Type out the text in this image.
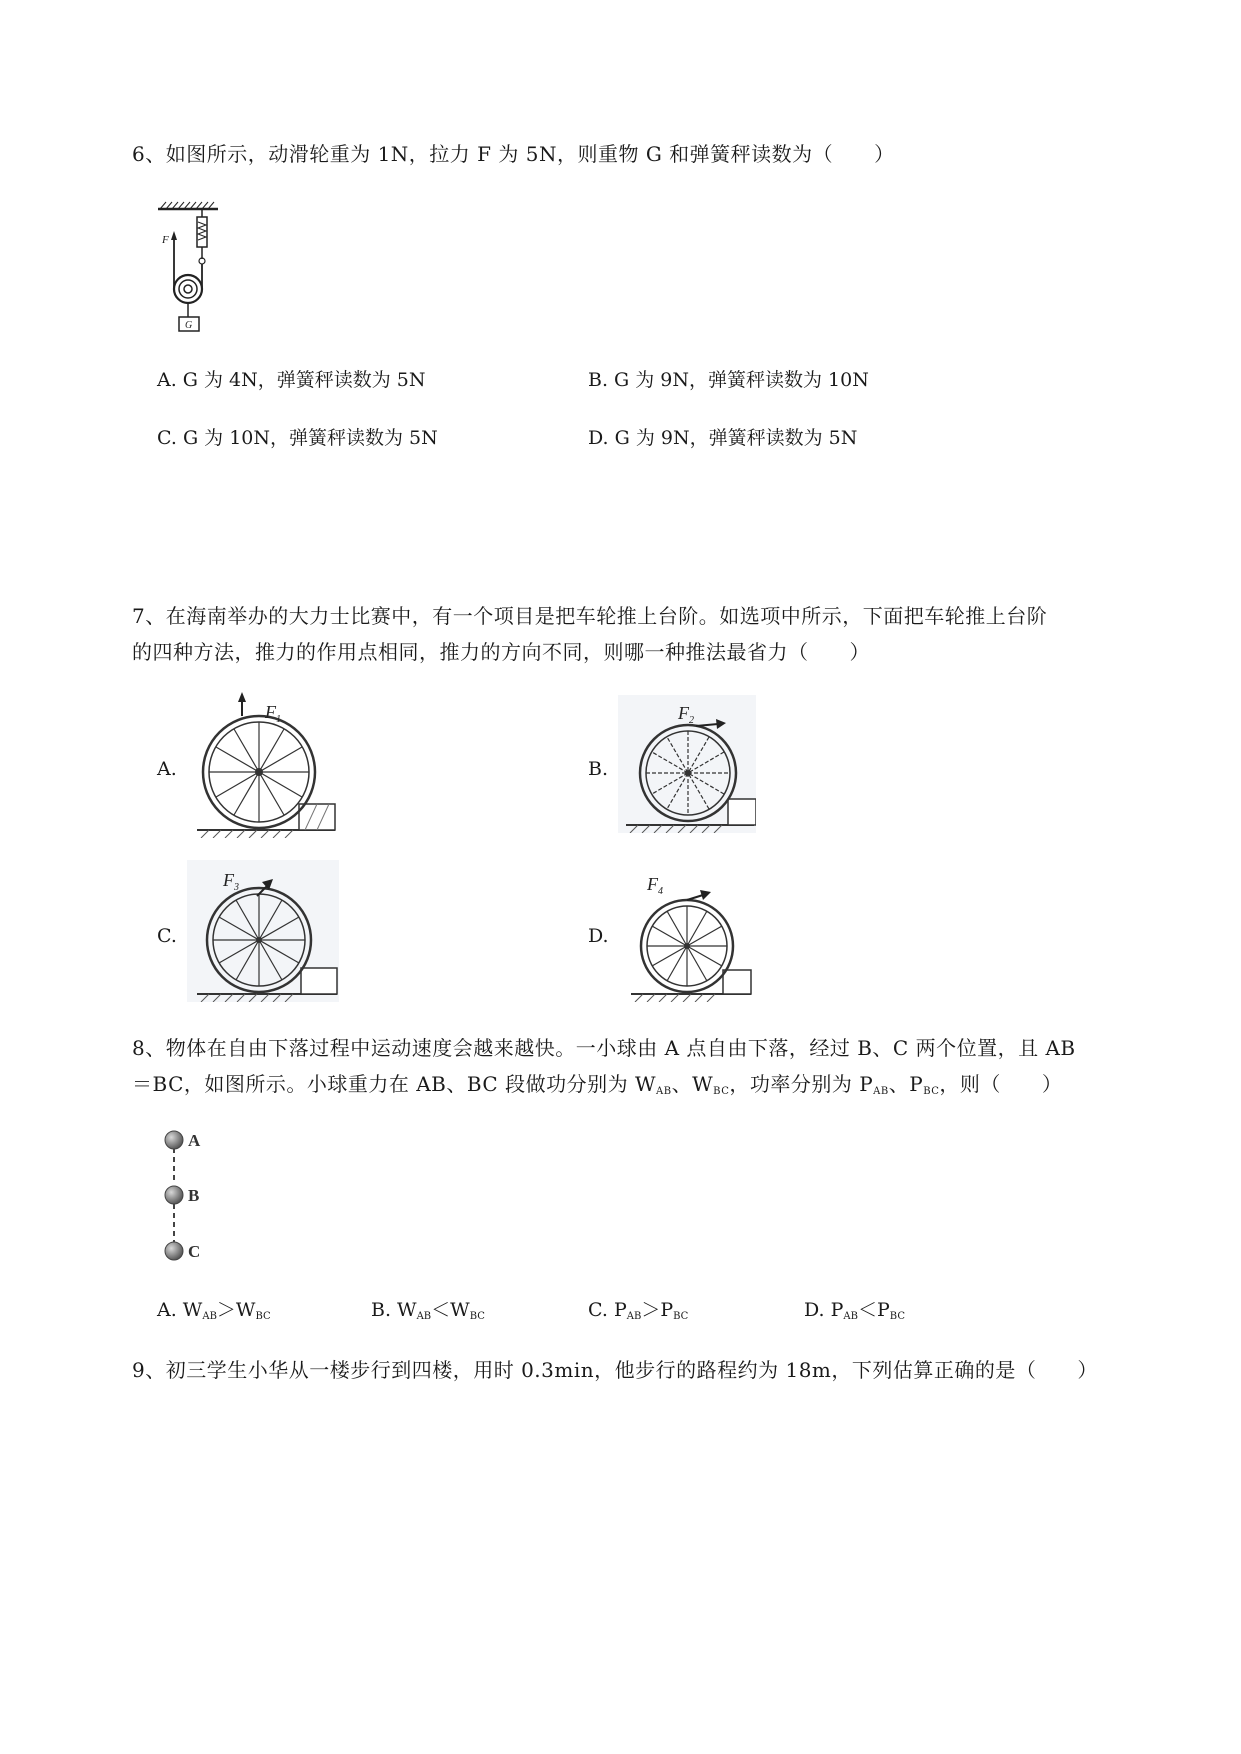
6、如图所示，动滑轮重为 1N，拉力 F 为 5N，则重物 G 和弹簧秤读数为（　　）
F
G
A. G 为 4N，弹簧秤读数为 5N	B. G 为 9N，弹簧秤读数为 10N
C. G 为 10N，弹簧秤读数为 5N	D. G 为 9N，弹簧秤读数为 5N
7、在海南举办的大力士比赛中，有一个项目是把车轮推上台阶。如选项中所示，下面把车轮推上台阶
的四种方法，推力的作用点相同，推力的方向不同，则哪一种推法最省力（　　）
A.
$F_1$
B.
$F_2$
C.
$F_3$
D.
$F_4$
8、物体在自由下落过程中运动速度会越来越快。一小球由 A 点自由下落，经过 B、C 两个位置，且 AB
＝BC，如图所示。小球重力在 AB、BC 段做功分别为 $W_{AB}$、$W_{BC}$，功率分别为 $P_{AB}$、$P_{BC}$，则（　　）
A
B
C
A. $W_{AB}>W_{BC}$	B. $W_{AB}<W_{BC}$	C. $P_{AB}>P_{BC}$	D. $P_{AB}<P_{BC}$
9、初三学生小华从一楼步行到四楼，用时 0.3min，他步行的路程约为 18m，下列估算正确的是（　　）
